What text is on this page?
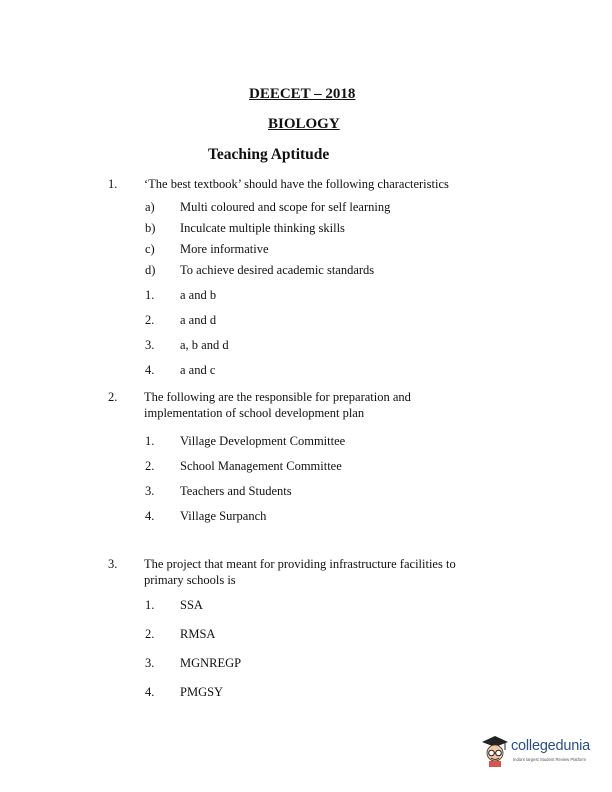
DEECET – 2018
BIOLOGY
Teaching Aptitude
1. ‘The best textbook’ should have the following characteristics
a) Multi coloured and scope for self learning
b) Inculcate multiple thinking skills
c) More informative
d) To achieve desired academic standards
1. a and b
2. a and d
3. a, b and d
4. a and c
2. The following are the responsible for preparation and implementation of school development plan
1. Village Development Committee
2. School Management Committee
3. Teachers and Students
4. Village Surpanch
3. The project that meant for providing infrastructure facilities to primary schools is
1. SSA
2. RMSA
3. MGNREGP
4. PMGSY
collegedunia
India's largest Student Review Platform
